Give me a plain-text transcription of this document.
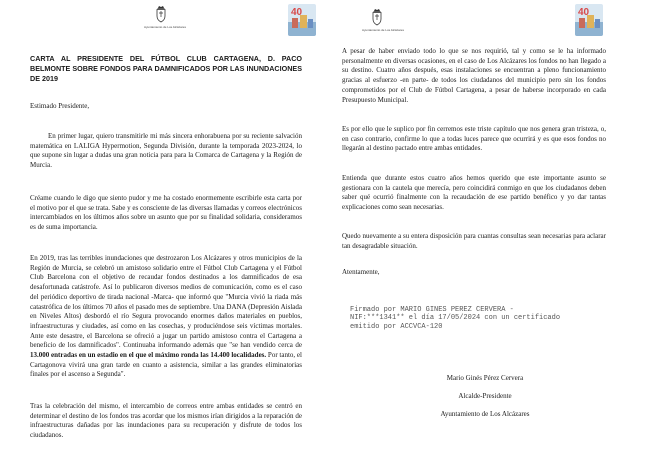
Ayuntamiento de Los Alcázares
40
CARTA AL PRESIDENTE DEL FÚTBOL CLUB CARTAGENA, D. PACO BELMONTE SOBRE FONDOS PARA DAMNIFICADOS POR LAS INUNDACIONES DE 2019
Estimado Presidente,
En primer lugar, quiero transmitirle mi más sincera enhorabuena por su reciente salvación matemática en LALIGA Hypermotion, Segunda División, durante la temporada 2023-2024, lo que supone sin lugar a dudas una gran noticia para para la Comarca de Cartagena y la Región de Murcia.
Créame cuando le digo que siento pudor y me ha costado enormemente escribirle esta carta por el motivo por el que se trata. Sabe y es consciente de las diversas llamadas y correos electrónicos intercambiados en los últimos años sobre un asunto que por su finalidad solidaria, consideramos es de suma importancia.
En 2019, tras las terribles inundaciones que destrozaron Los Alcázares y otros municipios de la Región de Murcia, se celebró un amistoso solidario entre el Fútbol Club Cartagena y el Fútbol Club Barcelona con el objetivo de recaudar fondos destinados a los damnificados de esa desafortunada catástrofe. Así lo publicaron diversos medios de comunicación, como es el caso del periódico deportivo de tirada nacional -Marca- que informó que "Murcia vivió la riada más catastrófica de los últimos 70 años el pasado mes de septiembre. Una DANA (Depresión Aislada en Niveles Altos) desbordó el río Segura provocando enormes daños materiales en pueblos, infraestructuras y ciudades, así como en las cosechas, y produciéndose seis víctimas mortales. Ante este desastre, el Barcelona se ofreció a jugar un partido amistoso contra el Cartagena a beneficio de los damnificados". Continuaba informando además que "se han vendido cerca de 13.000 entradas en un estadio en el que el máximo ronda las 14.400 localidades. Por tanto, el Cartagonova vivirá una gran tarde en cuanto a asistencia, similar a las grandes eliminatorias finales por el ascenso a Segunda".
Tras la celebración del mismo, el intercambio de correos entre ambas entidades se centró en determinar el destino de los fondos tras acordar que los mismos irían dirigidos a la reparación de infraestructuras dañadas por las inundaciones para su recuperación y disfrute de todos los ciudadanos.
Ayuntamiento de Los Alcázares
40
A pesar de haber enviado todo lo que se nos requirió, tal y como se le ha informado personalmente en diversas ocasiones, en el caso de Los Alcázares los fondos no han llegado a su destino. Cuatro años después, esas instalaciones se encuentran a pleno funcionamiento gracias al esfuerzo -en parte- de todos los ciudadanos del municipio pero sin los fondos comprometidos por el Club de Fútbol Cartagena, a pesar de haberse incorporado en cada Presupuesto Municipal.
Es por ello que le suplico por fin cerremos este triste capítulo que nos genera gran tristeza, o, en caso contrario, confirme lo que a todas luces parece que ocurrirá y es que esos fondos no llegarán al destino pactado entre ambas entidades.
Entienda que durante estos cuatro años hemos querido que este importante asunto se gestionara con la cautela que merecía, pero coincidirá conmigo en que los ciudadanos deben saber qué ocurrió finalmente con la recaudación de ese partido benéfico y yo dar tantas explicaciones como sean necesarias.
Quedo nuevamente a su entera disposición para cuantas consultas sean necesarias para aclarar tan desagradable situación.
Atentamente,
Firmado por MARIO GINES PEREZ CERVERA -
NIF:***1341** el día 17/05/2024 con un certificado
emitido por ACCVCA-120
Mario Ginés Pérez Cervera
Alcalde-Presidente
Ayuntamiento de Los Alcázares
